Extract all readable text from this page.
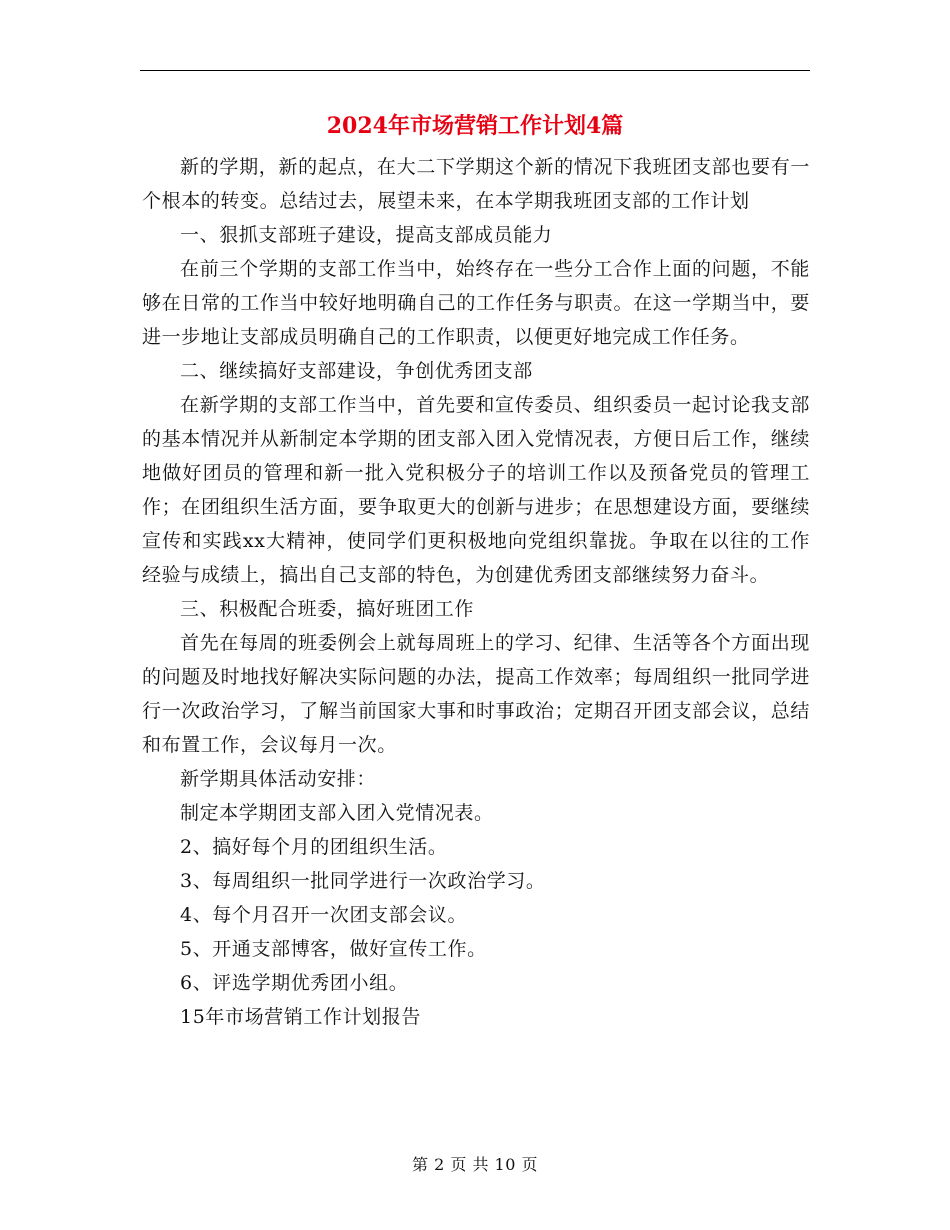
2024年市场营销工作计划4篇

新的学期，新的起点，在大二下学期这个新的情况下我班团支部也要有一个根本的转变。总结过去，展望未来，在本学期我班团支部的工作计划

一、狠抓支部班子建设，提高支部成员能力

在前三个学期的支部工作当中，始终存在一些分工合作上面的问题，不能够在日常的工作当中较好地明确自己的工作任务与职责。在这一学期当中，要进一步地让支部成员明确自己的工作职责，以便更好地完成工作任务。

二、继续搞好支部建设，争创优秀团支部

在新学期的支部工作当中，首先要和宣传委员、组织委员一起讨论我支部的基本情况并从新制定本学期的团支部入团入党情况表，方便日后工作，继续地做好团员的管理和新一批入党积极分子的培训工作以及预备党员的管理工作；在团组织生活方面，要争取更大的创新与进步；在思想建设方面，要继续宣传和实践xx大精神，使同学们更积极地向党组织靠拢。争取在以往的工作经验与成绩上，搞出自己支部的特色，为创建优秀团支部继续努力奋斗。

三、积极配合班委，搞好班团工作

首先在每周的班委例会上就每周班上的学习、纪律、生活等各个方面出现的问题及时地找好解决实际问题的办法，提高工作效率；每周组织一批同学进行一次政治学习，了解当前国家大事和时事政治；定期召开团支部会议，总结和布置工作，会议每月一次。

新学期具体活动安排：

制定本学期团支部入团入党情况表。

2、搞好每个月的团组织生活。

3、每周组织一批同学进行一次政治学习。

4、每个月召开一次团支部会议。

5、开通支部博客，做好宣传工作。

6、评选学期优秀团小组。

15年市场营销工作计划报告

第 2 页 共 10 页
